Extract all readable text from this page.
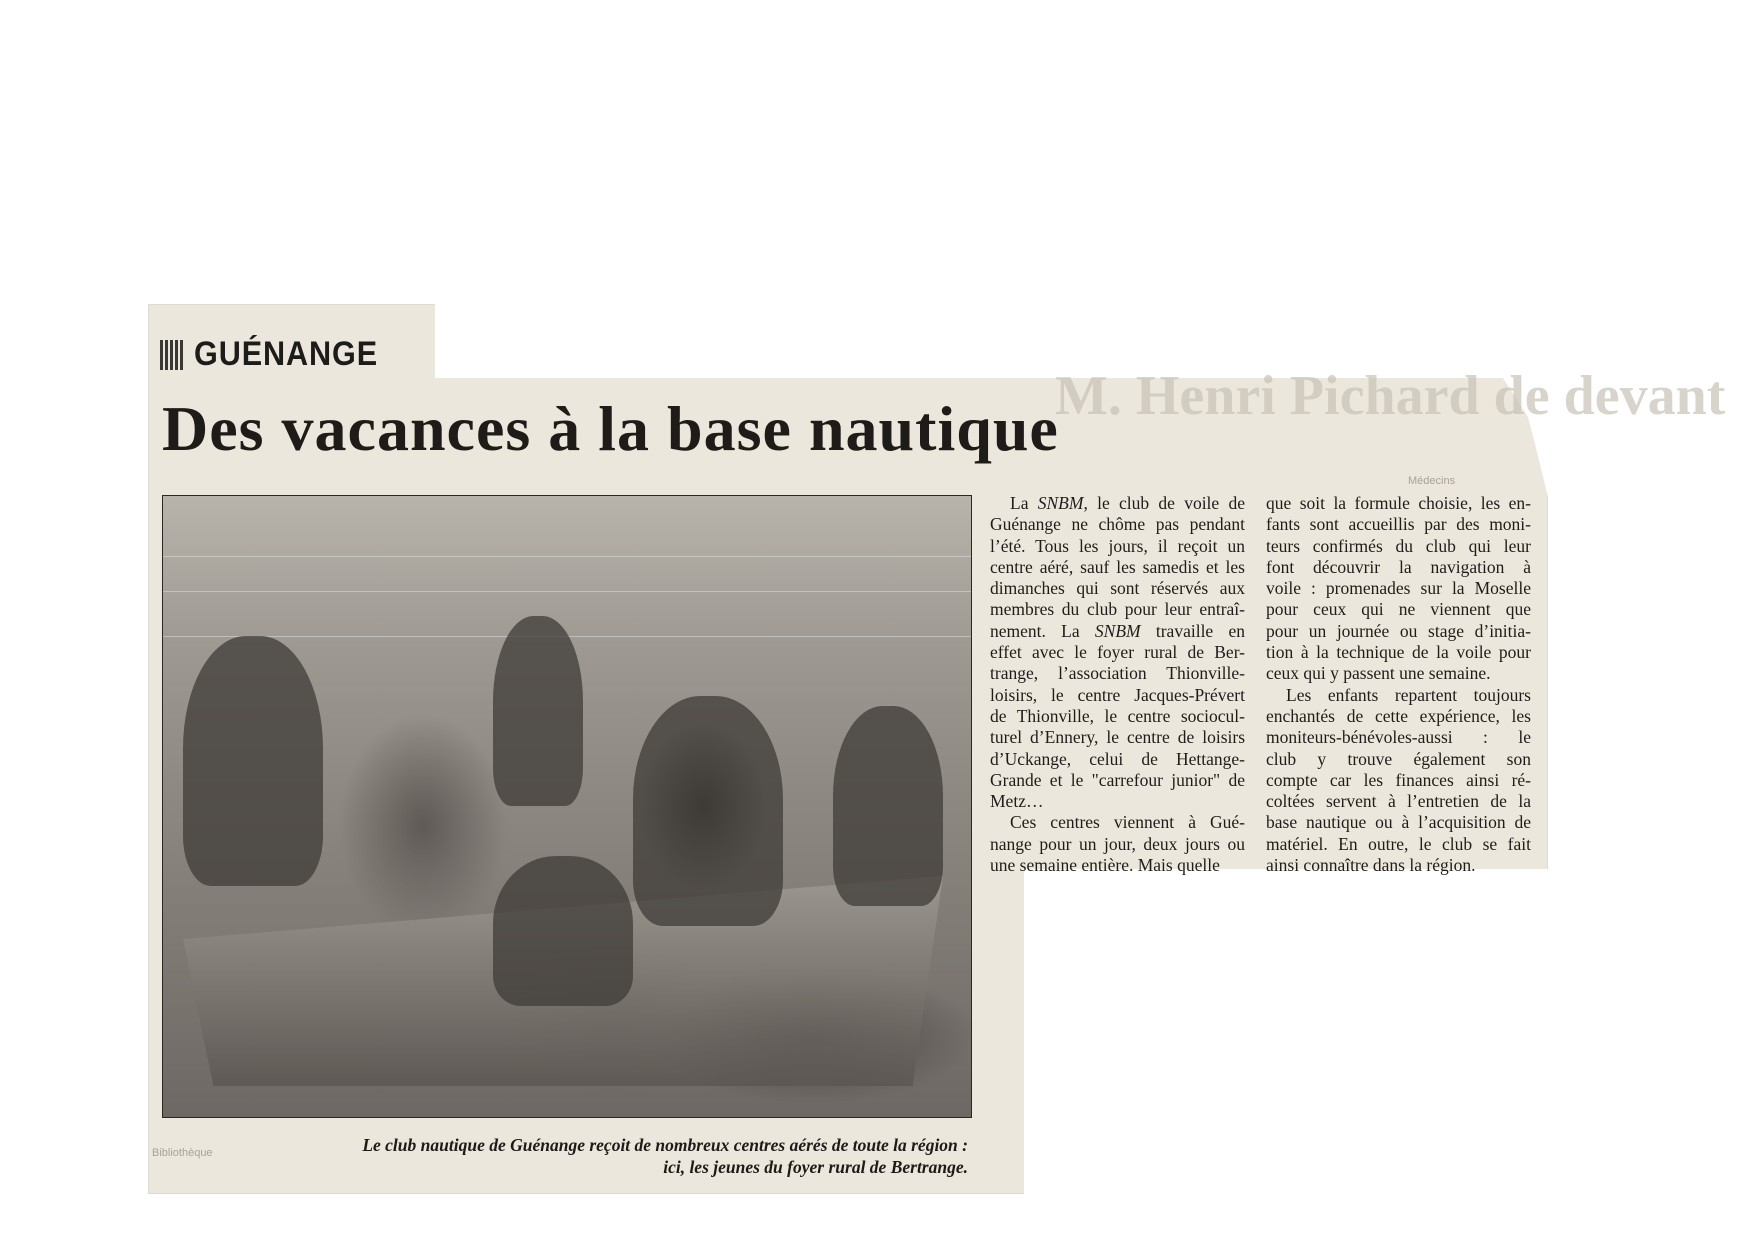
M. Henri Pichard de devant
Médecins
Bibliothèque
GUÉNANGE
Des vacances à la base nautique
Le club nautique de Guénange reçoit de nombreux centres aérés de toute la région :
ici, les jeunes du foyer rural de Bertrange.
La SNBM, le club de voile de
Guénange ne chôme pas pendant
l’été. Tous les jours, il reçoit un
centre aéré, sauf les samedis et les
dimanches qui sont réservés aux
membres du club pour leur entraî-
nement. La SNBM travaille en
effet avec le foyer rural de Ber-
trange, l’association Thionville-
loisirs, le centre Jacques-Prévert
de Thionville, le centre sociocul-
turel d’Ennery, le centre de loisirs
d’Uckange, celui de Hettange-
Grande et le "carrefour junior" de
Metz…
Ces centres viennent à Gué-
nange pour un jour, deux jours ou
une semaine entière. Mais quelle
que soit la formule choisie, les en-
fants sont accueillis par des moni-
teurs confirmés du club qui leur
font découvrir la navigation à
voile : promenades sur la Moselle
pour ceux qui ne viennent que
pour un journée ou stage d’initia-
tion à la technique de la voile pour
ceux qui y passent une semaine.
Les enfants repartent toujours
enchantés de cette expérience, les
moniteurs-bénévoles-aussi : le
club y trouve également son
compte car les finances ainsi ré-
coltées servent à l’entretien de la
base nautique ou à l’acquisition de
matériel. En outre, le club se fait
ainsi connaître dans la région.
